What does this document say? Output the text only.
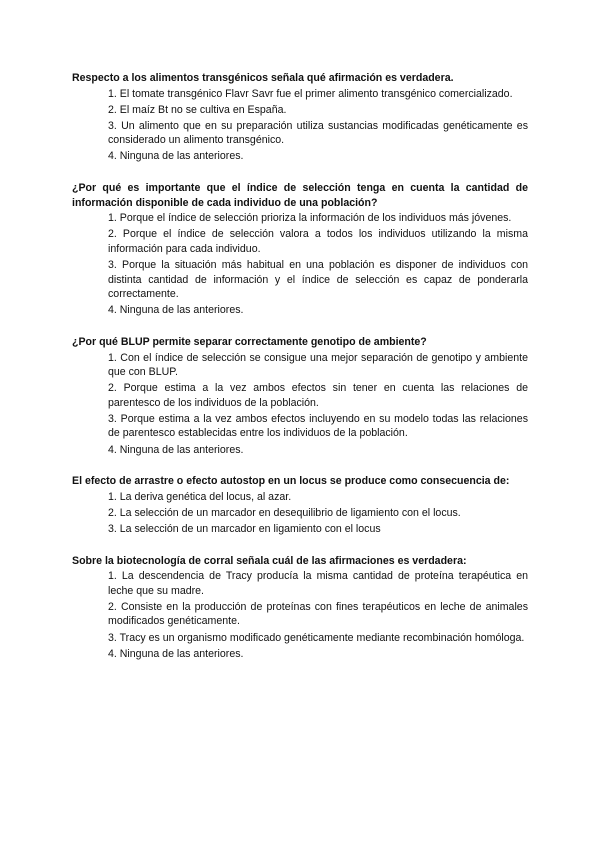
Respecto a los alimentos transgénicos señala qué afirmación es verdadera.

1. El tomate transgénico Flavr Savr fue el primer alimento transgénico comercializado.
2. El maíz Bt no se cultiva en España.
3. Un alimento que en su preparación utiliza sustancias modificadas genéticamente es considerado un alimento transgénico.
4. Ninguna de las anteriores.

¿Por qué es importante que el índice de selección tenga en cuenta la cantidad de información disponible de cada individuo de una población?

1. Porque el índice de selección prioriza la información de los individuos más jóvenes.
2. Porque el índice de selección valora a todos los individuos utilizando la misma información para cada individuo.
3. Porque la situación más habitual en una población es disponer de individuos con distinta cantidad de información y el índice de selección es capaz de ponderarla correctamente.
4. Ninguna de las anteriores.

¿Por qué BLUP permite separar correctamente genotipo de ambiente?

1. Con el índice de selección se consigue una mejor separación de genotipo y ambiente que con BLUP.
2. Porque estima a la vez ambos efectos sin tener en cuenta las relaciones de parentesco de los individuos de la población.
3. Porque estima a la vez ambos efectos incluyendo en su modelo todas las relaciones de parentesco establecidas entre los individuos de la población.
4. Ninguna de las anteriores.

El efecto de arrastre o efecto autostop en un locus se produce como consecuencia de:

1. La deriva genética del locus, al azar.
2. La selección de un marcador en desequilibrio de ligamiento con el locus.
3. La selección de un marcador en ligamiento con el locus

Sobre la biotecnología de corral señala cuál de las afirmaciones es verdadera:

1. La descendencia de Tracy producía la misma cantidad de proteína terapéutica en leche que su madre.
2. Consiste en la producción de proteínas con fines terapéuticos en leche de animales modificados genéticamente.
3. Tracy es un organismo modificado genéticamente mediante recombinación homóloga.
4. Ninguna de las anteriores.
